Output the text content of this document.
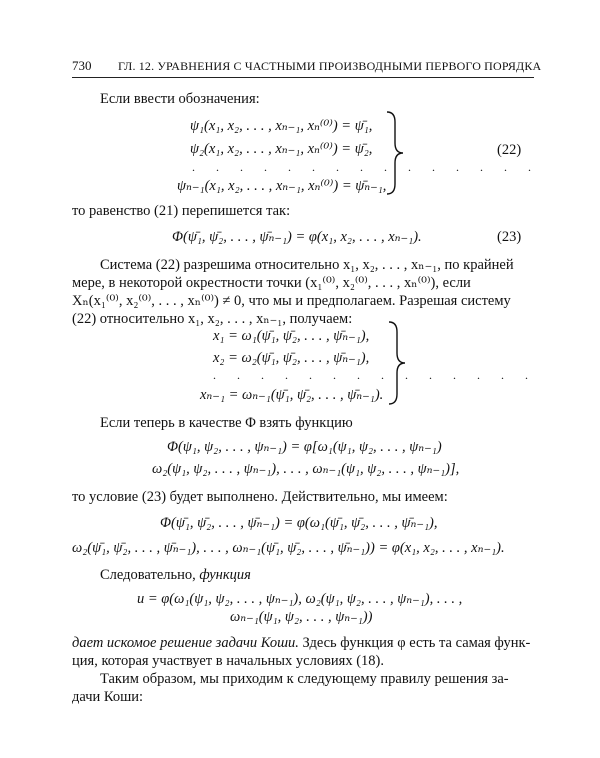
730 ГЛ. 12. УРАВНЕНИЯ С ЧАСТНЫМИ ПРОИЗВОДНЫМИ ПЕРВОГО ПОРЯДКА
Если ввести обозначения:
ψ₁(x₁, x₂, . . . , xₙ₋₁, xₙ⁽⁰⁾) = ψ̄₁,
ψ₂(x₁, x₂, . . . , xₙ₋₁, xₙ⁽⁰⁾) = ψ̄₂,
. . . . . . . . . . . . . . .
ψₙ₋₁(x₁, x₂, . . . , xₙ₋₁, xₙ⁽⁰⁾) = ψ̄ₙ₋₁,
(22)
то равенство (21) перепишется так:
Φ(ψ̄₁, ψ̄₂, . . . , ψ̄ₙ₋₁) = φ(x₁, x₂, . . . , xₙ₋₁).	(23)
Система (22) разрешима относительно x₁, x₂, . . . , xₙ₋₁, по крайней
мере, в некоторой окрестности точки (x₁⁽⁰⁾, x₂⁽⁰⁾, . . . , xₙ⁽⁰⁾), если
Xₙ(x₁⁽⁰⁾, x₂⁽⁰⁾, . . . , xₙ⁽⁰⁾) ≠ 0, что мы и предполагаем. Разрешая систему
(22) относительно x₁, x₂, . . . , xₙ₋₁, получаем:
x₁ = ω₁(ψ̄₁, ψ̄₂, . . . , ψ̄ₙ₋₁),
x₂ = ω₂(ψ̄₁, ψ̄₂, . . . , ψ̄ₙ₋₁),
. . . . . . . . . . . . . .
xₙ₋₁ = ωₙ₋₁(ψ̄₁, ψ̄₂, . . . , ψ̄ₙ₋₁).
Если теперь в качестве Φ взять функцию
Φ(ψ₁, ψ₂, . . . , ψₙ₋₁) = φ[ω₁(ψ₁, ψ₂, . . . , ψₙ₋₁)
ω₂(ψ₁, ψ₂, . . . , ψₙ₋₁), . . . , ωₙ₋₁(ψ₁, ψ₂, . . . , ψₙ₋₁)],
то условие (23) будет выполнено. Действительно, мы имеем:
Φ(ψ̄₁, ψ̄₂, . . . , ψ̄ₙ₋₁) = φ(ω₁(ψ̄₁, ψ̄₂, . . . , ψ̄ₙ₋₁),
ω₂(ψ̄₁, ψ̄₂, . . . , ψ̄ₙ₋₁), . . . , ωₙ₋₁(ψ̄₁, ψ̄₂, . . . , ψ̄ₙ₋₁)) = φ(x₁, x₂, . . . , xₙ₋₁).
Следовательно, функция
u = φ(ω₁(ψ₁, ψ₂, . . . , ψₙ₋₁), ω₂(ψ₁, ψ₂, . . . , ψₙ₋₁), . . . ,
ωₙ₋₁(ψ₁, ψ₂, . . . , ψₙ₋₁))
дает искомое решение задачи Коши. Здесь функция φ есть та самая функ-
ция, которая участвует в начальных условиях (18).
Таким образом, мы приходим к следующему правилу решения за-
дачи Коши:
